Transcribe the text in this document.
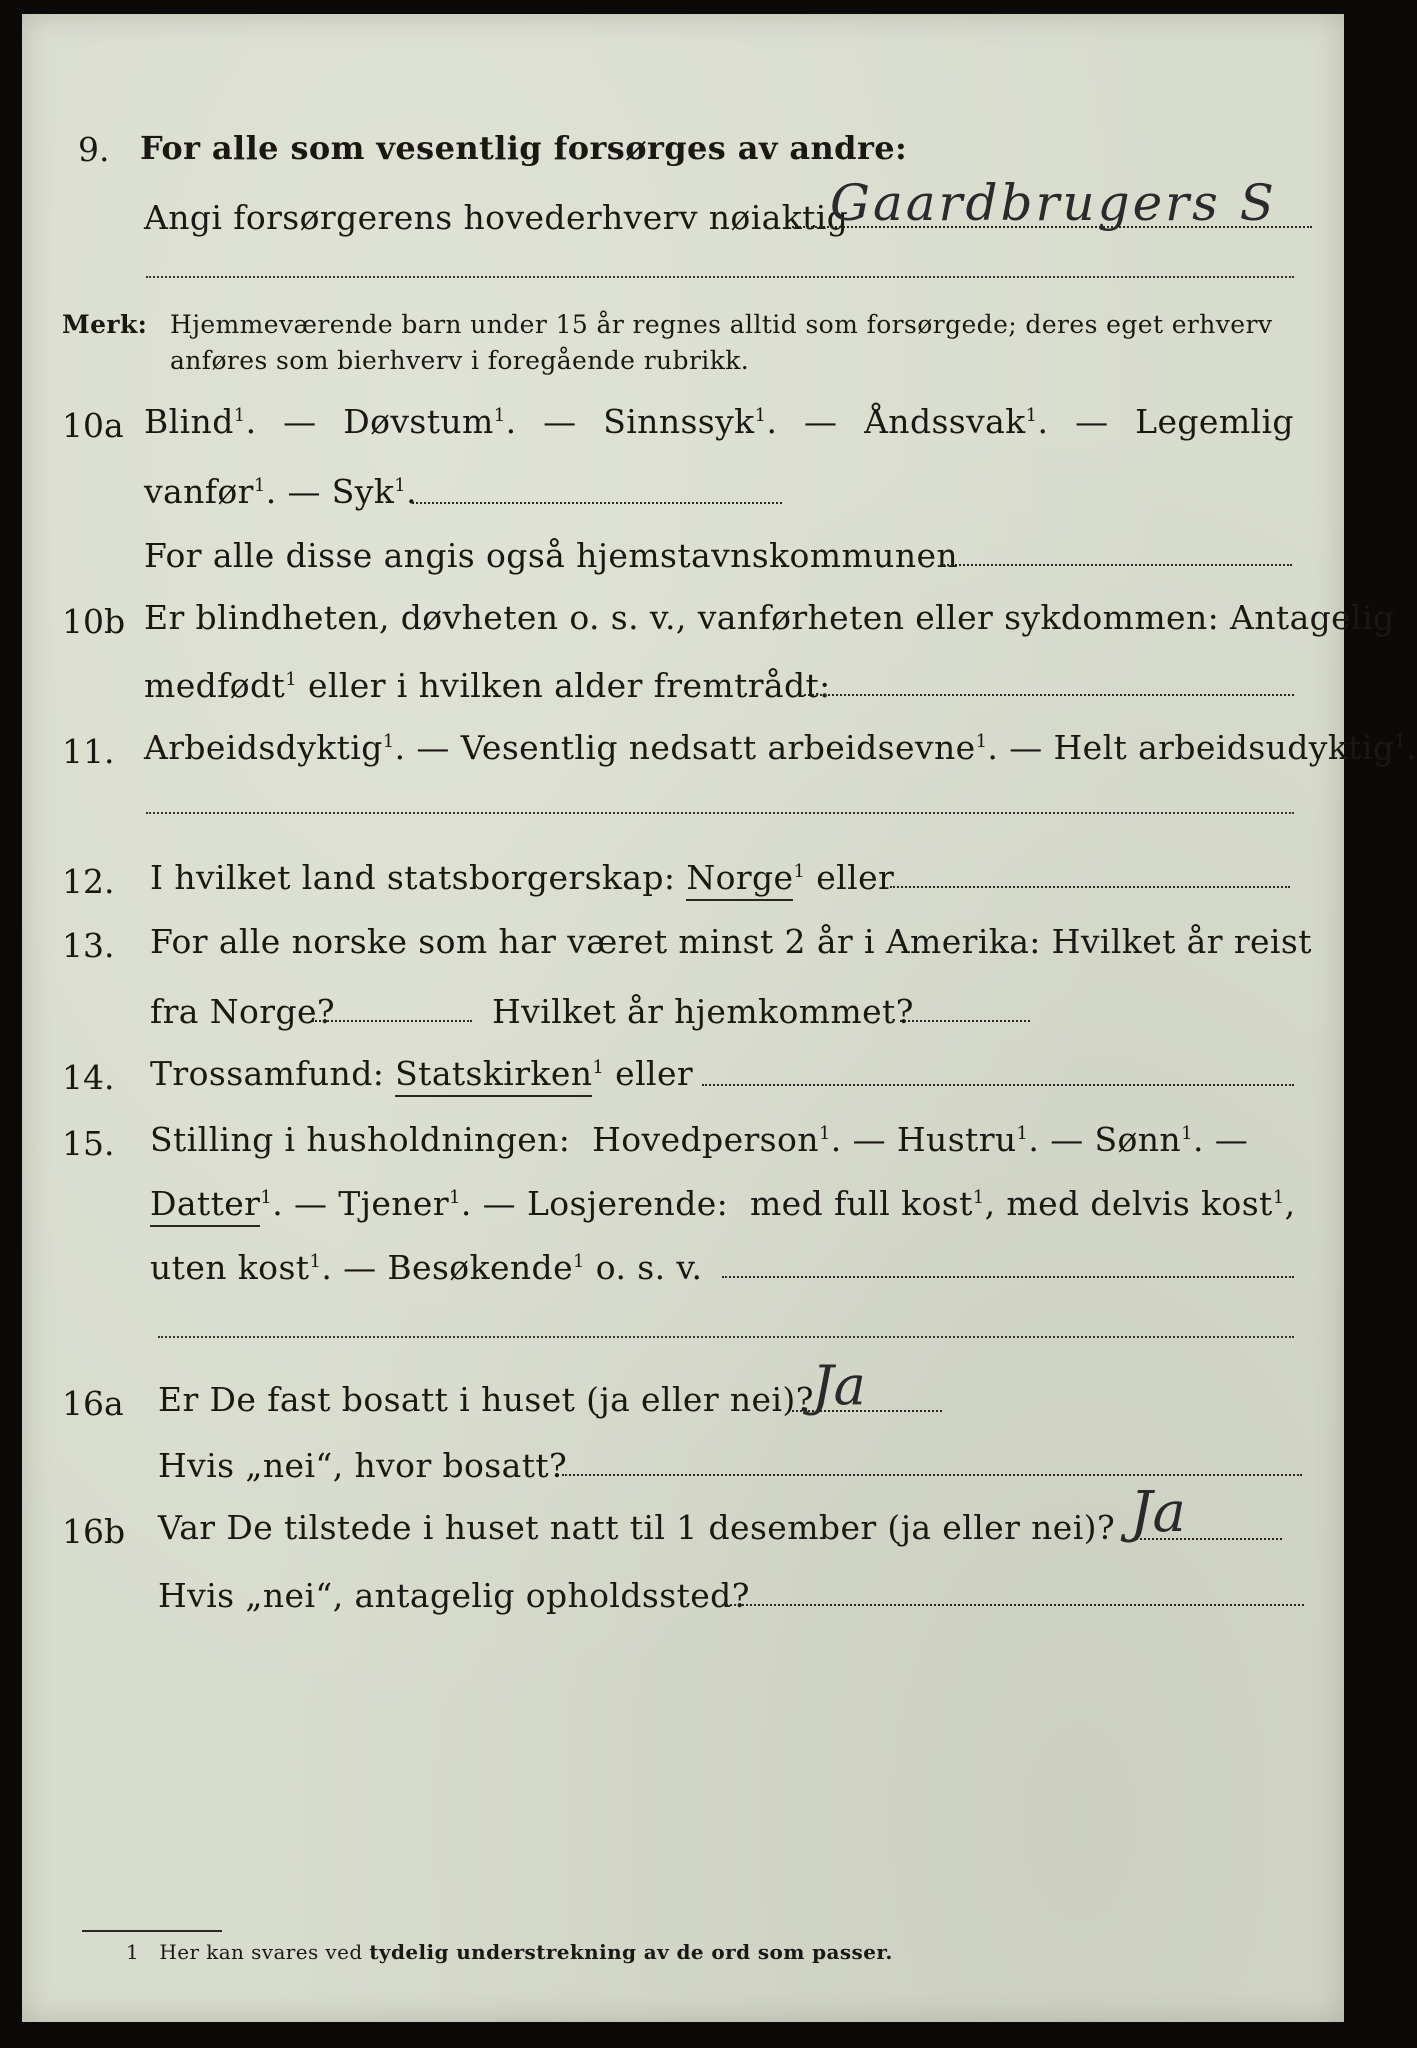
9. For alle som vesentlig forsørges av andre:
Angi forsørgerens hovederhverv nøiaktig
Gaardbrugers S
Merk: Hjemmeværende barn under 15 år regnes alltid som forsørgede; deres eget erhverv
anføres som bierhverv i foregående rubrikk.
10a Blind$^1$. — Døvstum$^1$. — Sinnssyk$^1$. — Åndssvak$^1$. — Legemlig
vanfør$^1$. — Syk$^1$.
For alle disse angis også hjemstavnskommunen
10b Er blindheten, døvheten o. s. v., vanførheten eller sykdommen: Antagelig
medfødt$^1$ eller i hvilken alder fremtrådt:
11. Arbeidsdyktig$^1$. — Vesentlig nedsatt arbeidsevne$^1$. — Helt arbeidsudyktig$^1$.
12. I hvilket land statsborgerskap: Norge$^1$ eller
13. For alle norske som har været minst 2 år i Amerika: Hvilket år reist
fra Norge?	Hvilket år hjemkommet?
14. Trossamfund: Statskirken$^1$ eller
15. Stilling i husholdningen: Hovedperson$^1$. — Hustru$^1$. — Sønn$^1$. —
Datter$^1$. — Tjener$^1$. — Losjerende: med full kost$^1$, med delvis kost$^1$,
uten kost$^1$. — Besøkende$^1$ o. s. v.
16a Er De fast bosatt i huset (ja eller nei)?
Ja
Hvis „nei“, hvor bosatt?
16b Var De tilstede i huset natt til 1 desember (ja eller nei)? Ja
Hvis „nei“, antagelig opholdssted?
1 Her kan svares ved tydelig understrekning av de ord som passer.
